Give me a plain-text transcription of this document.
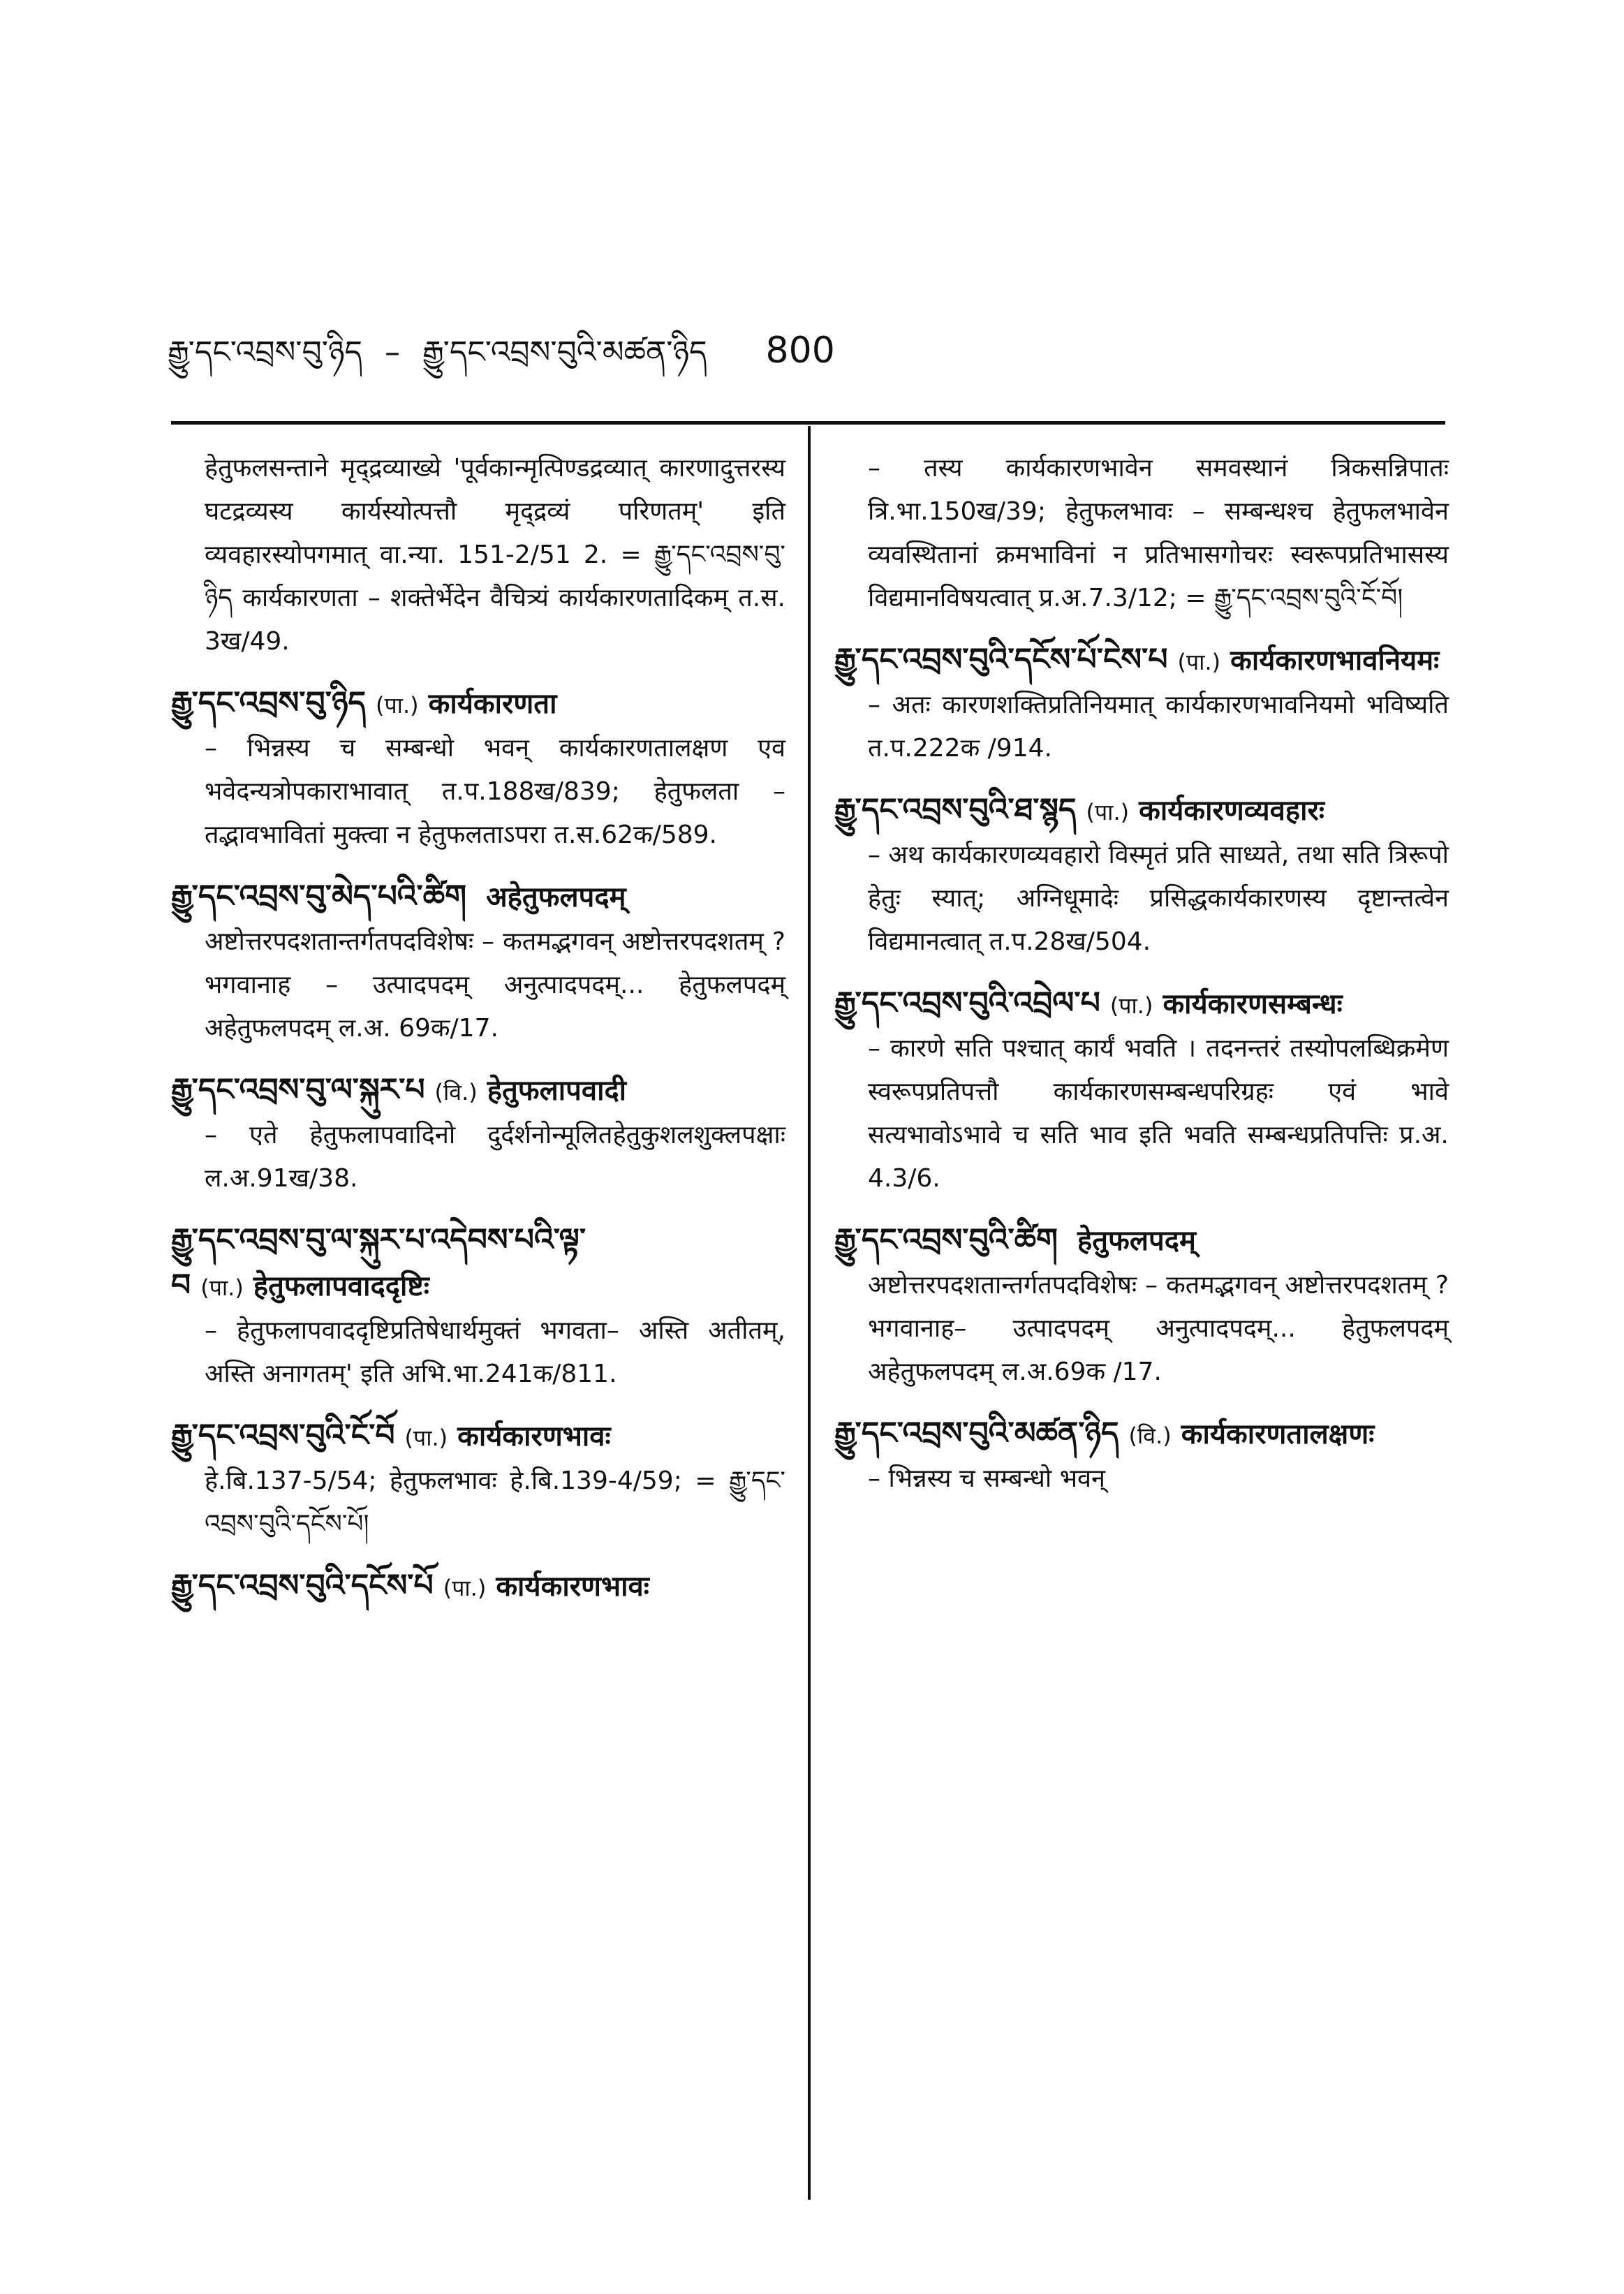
རྒྱུ་དང་འབྲས་བུ་ཉིད – རྒྱུ་དང་འབྲས་བུའི་མཚན་ཉིད 800
हेतुफलसन्ताने मृद्द्रव्याख्ये 'पूर्वकान्मृत्पिण्डद्रव्यात् कारणादुत्तरस्य घटद्रव्यस्य कार्यस्योत्पत्तौ मृद्द्रव्यं परिणतम्' इति व्यवहारस्योपगमात् वा.न्या. 151-2/51 2. = རྒྱུ་དང་འབྲས་བུ་ཉིད कार्यकारणता – शक्तेर्भेदेन वैचित्र्यं कार्यकारणतादिकम् त.स. 3ख/49.
རྒྱུ་དང་འབྲས་བུ་ཉིད (पा.) कार्यकारणता
– भिन्नस्य च सम्बन्धो भवन् कार्यकारणतालक्षण एव भवेदन्यत्रोपकाराभावात् त.प.188ख/839; हेतुफलता – तद्भावभावितां मुक्त्वा न हेतुफलताऽपरा त.स.62क/589.
རྒྱུ་དང་འབྲས་བུ་མེད་པའི་ཚིག अहेतुफलपदम्
अष्टोत्तरपदशतान्तर्गतपदविशेषः – कतमद्भगवन् अष्टोत्तरपदशतम् ? भगवानाह – उत्पादपदम् अनुत्पादपदम्... हेतुफलपदम् अहेतुफलपदम् ल.अ. 69क/17.
རྒྱུ་དང་འབྲས་བུ་ལ་སྐུར་པ (वि.) हेतुफलापवादी
– एते हेतुफलापवादिनो दुर्दर्शनोन्मूलितहेतुकुशलशुक्लपक्षाः ल.अ.91ख/38.
རྒྱུ་དང་འབྲས་བུ་ལ་སྐུར་པ་འདེབས་པའི་ལྟ་བ (पा.) हेतुफलापवाददृष्टिः
– हेतुफलापवाददृष्टिप्रतिषेधार्थमुक्तं भगवता– अस्ति अतीतम्, अस्ति अनागतम्' इति अभि.भा.241क/811.
རྒྱུ་དང་འབྲས་བུའི་ངོ་བོ (पा.) कार्यकारणभावः
हे.बि.137-5/54; हेतुफलभावः हे.बि.139-4/59; = རྒྱུ་དང་འབྲས་བུའི་དངོས་པོ།
རྒྱུ་དང་འབྲས་བུའི་དངོས་པོ (पा.) कार्यकारणभावः
– तस्य कार्यकारणभावेन समवस्थानं त्रिकसन्निपातः त्रि.भा.150ख/39; हेतुफलभावः – सम्बन्धश्च हेतुफलभावेन व्यवस्थितानां क्रमभाविनां न प्रतिभासगोचरः स्वरूपप्रतिभासस्य विद्यमानविषयत्वात् प्र.अ.7.3/12; = རྒྱུ་དང་འབྲས་བུའི་ངོ་བོ།
རྒྱུ་དང་འབྲས་བུའི་དངོས་པོ་ངེས་པ (पा.) कार्यकारणभावनियमः
– अतः कारणशक्तिप्रतिनियमात् कार्यकारणभावनियमो भविष्यति त.प.222क /914.
རྒྱུ་དང་འབྲས་བུའི་ཐ་སྙད (पा.) कार्यकारणव्यवहारः
– अथ कार्यकारणव्यवहारो विस्मृतं प्रति साध्यते, तथा सति त्रिरूपो हेतुः स्यात्; अग्निधूमादेः प्रसिद्धकार्यकारणस्य दृष्टान्तत्वेन विद्यमानत्वात् त.प.28ख/504.
རྒྱུ་དང་འབྲས་བུའི་འབྲེལ་པ (पा.) कार्यकारणसम्बन्धः
– कारणे सति पश्चात् कार्यं भवति । तदनन्तरं तस्योपलब्धिक्रमेण स्वरूपप्रतिपत्तौ कार्यकारणसम्बन्धपरिग्रहः एवं भावे सत्यभावोऽभावे च सति भाव इति भवति सम्बन्धप्रतिपत्तिः प्र.अ. 4.3/6.
རྒྱུ་དང་འབྲས་བུའི་ཚིག हेतुफलपदम्
अष्टोत्तरपदशतान्तर्गतपदविशेषः – कतमद्भगवन् अष्टोत्तरपदशतम् ? भगवानाह– उत्पादपदम् अनुत्पादपदम्... हेतुफलपदम् अहेतुफलपदम् ल.अ.69क /17.
རྒྱུ་དང་འབྲས་བུའི་མཚན་ཉིད (वि.) कार्यकारणतालक्षणः
– भिन्नस्य च सम्बन्धो भवन्
